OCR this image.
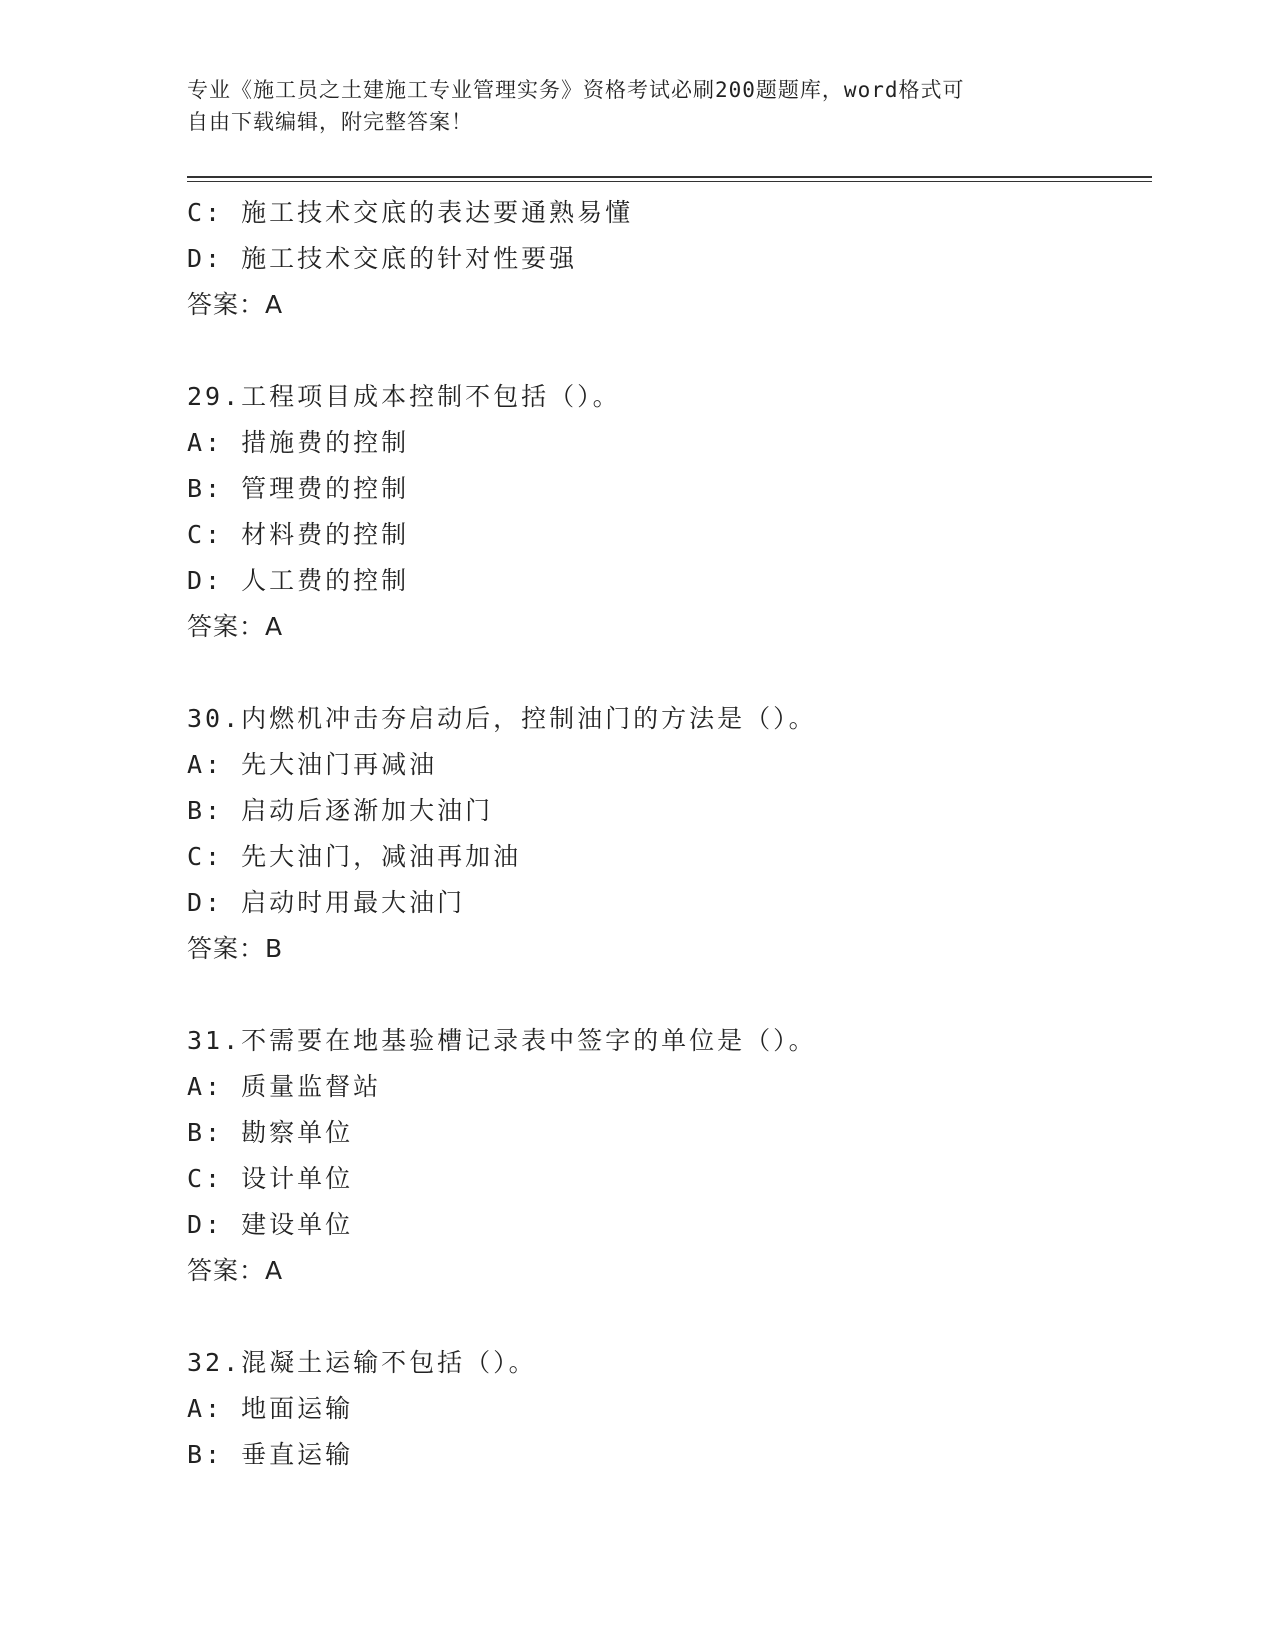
专业《施工员之土建施工专业管理实务》资格考试必刷200题题库，word格式可
自由下载编辑，附完整答案！
C: 施工技术交底的表达要通熟易懂
D: 施工技术交底的针对性要强
答案：A
29.工程项目成本控制不包括（）。
A: 措施费的控制
B: 管理费的控制
C: 材料费的控制
D: 人工费的控制
答案：A
30.内燃机冲击夯启动后，控制油门的方法是（）。
A: 先大油门再减油
B: 启动后逐渐加大油门
C: 先大油门，减油再加油
D: 启动时用最大油门
答案：B
31.不需要在地基验槽记录表中签字的单位是（）。
A: 质量监督站
B: 勘察单位
C: 设计单位
D: 建设单位
答案：A
32.混凝土运输不包括（）。
A: 地面运输
B: 垂直运输
